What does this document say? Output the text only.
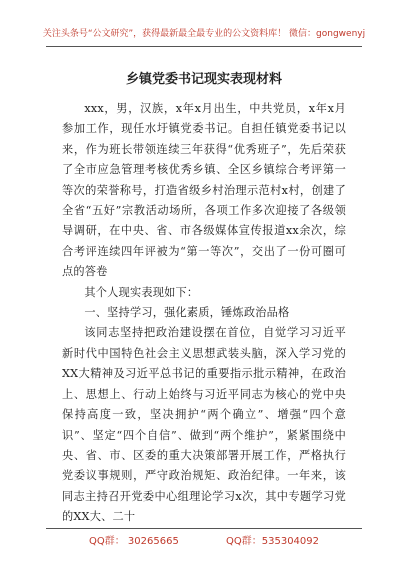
关注头条号“公文研究”，获得最新最全最专业的公文资料库！ 微信：gongwenyj
乡镇党委书记现实表现材料

xxx，男，汉族，x年x月出生，中共党员，x年x月参加工作，现任水圩镇党委书记。自担任镇党委书记以来，作为班长带领连续三年获得“优秀班子”，先后荣获了全市应急管理考核优秀乡镇、全区乡镇综合考评第一等次的荣誉称号，打造省级乡村治理示范村x村，创建了全省“五好”宗教活动场所，各项工作多次迎接了各级领导调研，在中央、省、市各级媒体宣传报道xx余次，综合考评连续四年评被为“第一等次”，交出了一份可圈可点的答卷

其个人现实表现如下：

一、坚持学习，强化素质，锤炼政治品格

该同志坚持把政治建设摆在首位，自觉学习习近平新时代中国特色社会主义思想武装头脑，深入学习党的XX大精神及习近平总书记的重要指示批示精神，在政治上、思想上、行动上始终与习近平同志为核心的党中央保持高度一致，坚决拥护“两个确立”、增强“四个意识”、坚定“四个自信”、做到“两个维护”，紧紧围绕中央、省、市、区委的重大决策部署开展工作，严格执行党委议事规则，严守政治规矩、政治纪律。一年来，该同志主持召开党委中心组理论学习x次，其中专题学习党的XX大、二十

QQ群： 30265665	QQ群：535304092
